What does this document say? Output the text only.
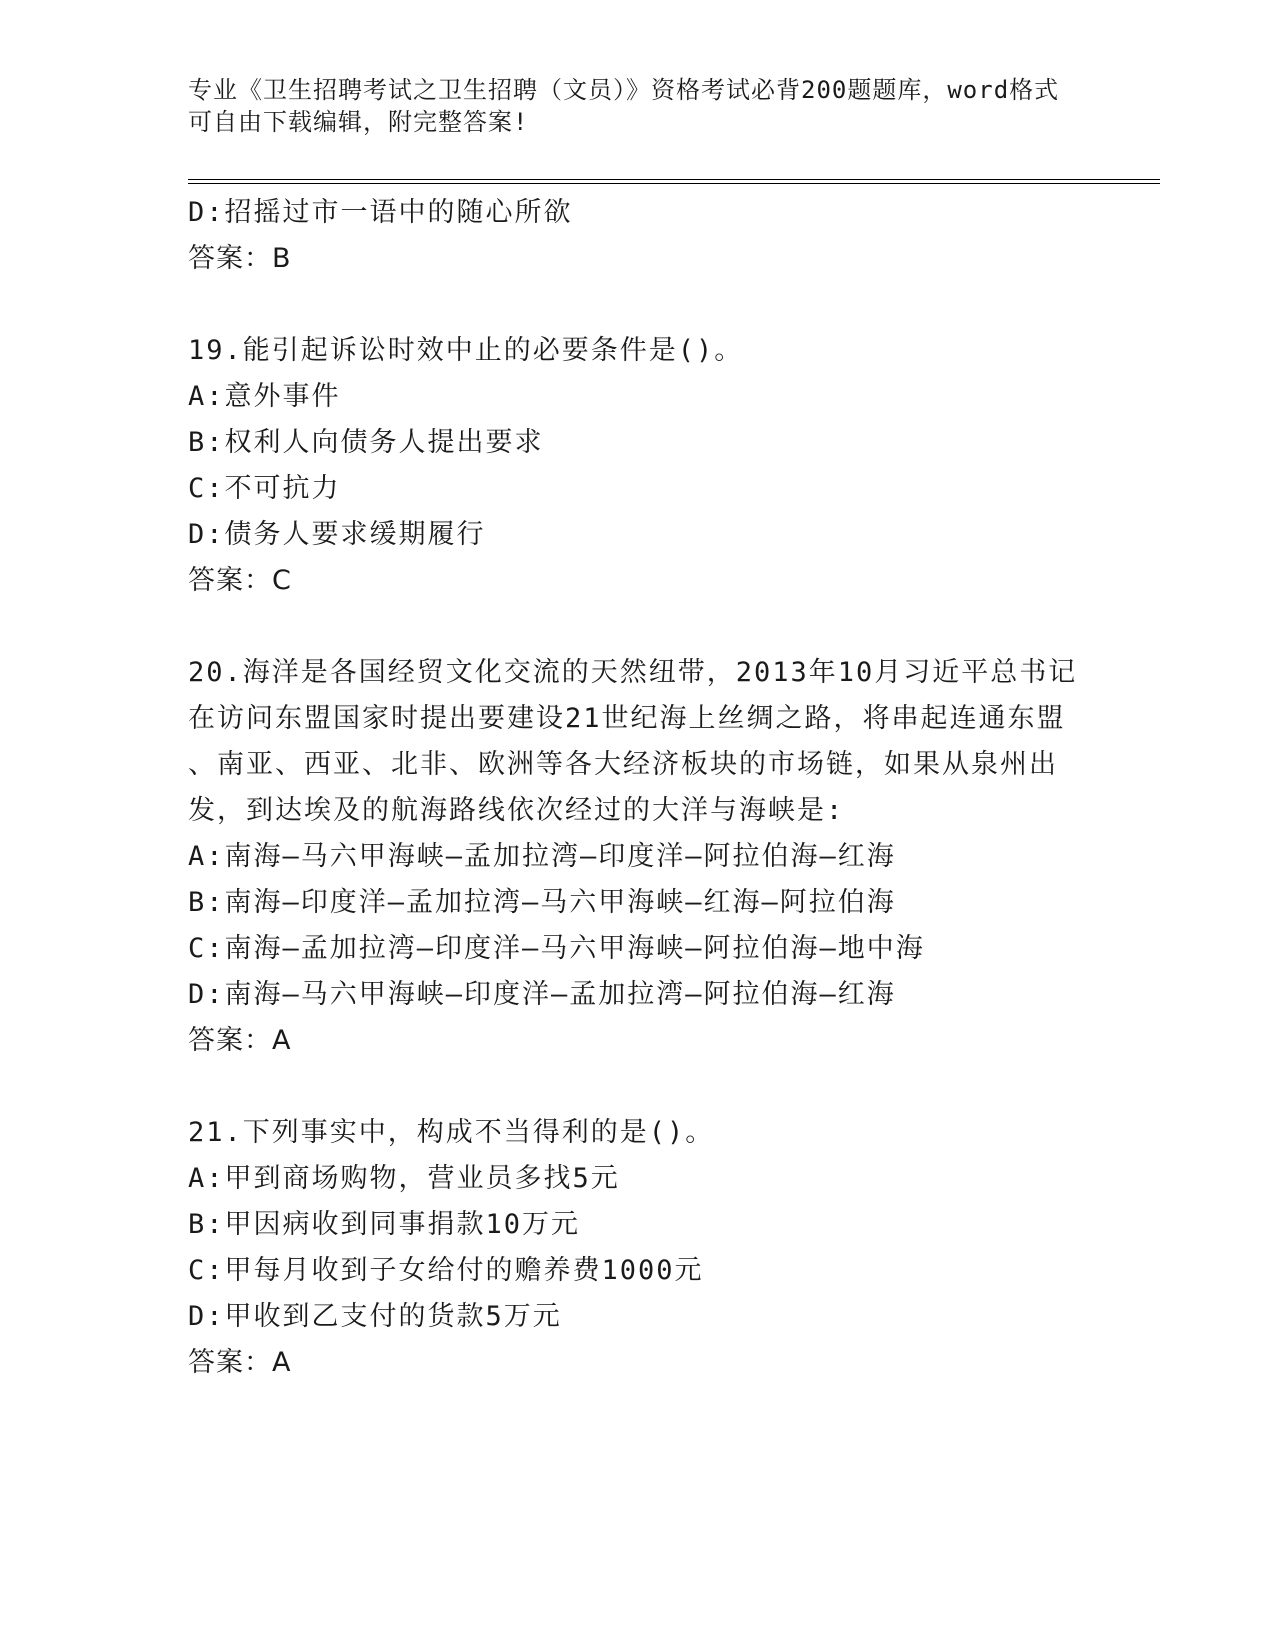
专业《卫生招聘考试之卫生招聘（文员）》资格考试必背200题题库，word格式
可自由下载编辑，附完整答案!
D:招摇过市一语中的随心所欲
答案：B
19.能引起诉讼时效中止的必要条件是()。
A:意外事件
B:权利人向债务人提出要求
C:不可抗力
D:债务人要求缓期履行
答案：C
20.海洋是各国经贸文化交流的天然纽带，2013年10月习近平总书记
在访问东盟国家时提出要建设21世纪海上丝绸之路，将串起连通东盟
、南亚、西亚、北非、欧洲等各大经济板块的市场链，如果从泉州出
发，到达埃及的航海路线依次经过的大洋与海峡是:
A:南海—马六甲海峡—孟加拉湾—印度洋—阿拉伯海—红海
B:南海—印度洋—孟加拉湾—马六甲海峡—红海—阿拉伯海
C:南海—孟加拉湾—印度洋—马六甲海峡—阿拉伯海—地中海
D:南海—马六甲海峡—印度洋—孟加拉湾—阿拉伯海—红海
答案：A
21.下列事实中，构成不当得利的是()。
A:甲到商场购物，营业员多找5元
B:甲因病收到同事捐款10万元
C:甲每月收到子女给付的赡养费1000元
D:甲收到乙支付的货款5万元
答案：A
